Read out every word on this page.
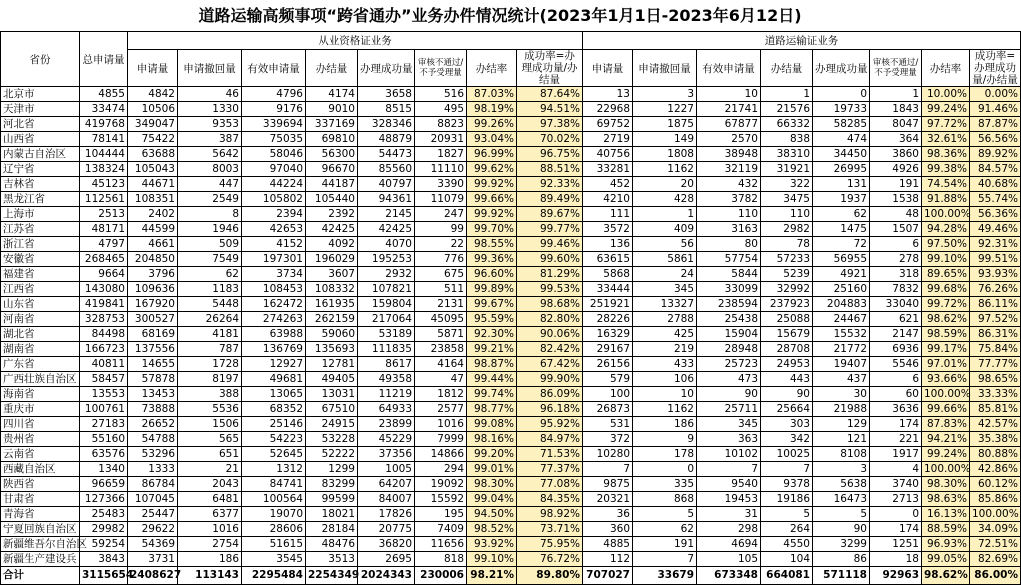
道路运输高频事项“跨省通办”业务办件情况统计(2023年1月1日-2023年6月12日)
省份	总申请量	从业资格证业务								道路运输证业务							
		申请量	申请撤回量	有效申请量	办结量	办理成功量	审核不通过/不予受理量	办结率	成功率=办理成功量/办结量	申请量	申请撤回量	有效申请量	办结量	办理成功量	审核不通过/不予受理量	办结率	成功率=办理成功量/办结量
北京市	4855	4842	46	4796	4174	3658	516	87.03%	87.64%	13	3	10	1	0	1	10.00%	0.00%
天津市	33474	10506	1330	9176	9010	8515	495	98.19%	94.51%	22968	1227	21741	21576	19733	1843	99.24%	91.46%
河北省	419768	349047	9353	339694	337169	328346	8823	99.26%	97.38%	69752	1875	67877	66332	58285	8047	97.72%	87.87%
山西省	78141	75422	387	75035	69810	48879	20931	93.04%	70.02%	2719	149	2570	838	474	364	32.61%	56.56%
内蒙古自治区	104444	63688	5642	58046	56300	54473	1827	96.99%	96.75%	40756	1808	38948	38310	34450	3860	98.36%	89.92%
辽宁省	138324	105043	8003	97040	96670	85560	11110	99.62%	88.51%	33281	1162	32119	31921	26995	4926	99.38%	84.57%
吉林省	45123	44671	447	44224	44187	40797	3390	99.92%	92.33%	452	20	432	322	131	191	74.54%	40.68%
黑龙江省	112561	108351	2549	105802	105440	94361	11079	99.66%	89.49%	4210	428	3782	3475	1937	1538	91.88%	55.74%
上海市	2513	2402	8	2394	2392	2145	247	99.92%	89.67%	111	1	110	110	62	48	100.00%	56.36%
江苏省	48171	44599	1946	42653	42425	42425	99	99.70%	99.77%	3572	409	3163	2982	1475	1507	94.28%	49.46%
浙江省	4797	4661	509	4152	4092	4070	22	98.55%	99.46%	136	56	80	78	72	6	97.50%	92.31%
安徽省	268465	204850	7549	197301	196029	195253	776	99.36%	99.60%	63615	5861	57754	57233	56955	278	99.10%	99.51%
福建省	9664	3796	62	3734	3607	2932	675	96.60%	81.29%	5868	24	5844	5239	4921	318	89.65%	93.93%
江西省	143080	109636	1183	108453	108332	107821	511	99.89%	99.53%	33444	345	33099	32992	25160	7832	99.68%	76.26%
山东省	419841	167920	5448	162472	161935	159804	2131	99.67%	98.68%	251921	13327	238594	237923	204883	33040	99.72%	86.11%
河南省	328753	300527	26264	274263	262159	217064	45095	95.59%	82.80%	28226	2788	25438	25088	24467	621	98.62%	97.52%
湖北省	84498	68169	4181	63988	59060	53189	5871	92.30%	90.06%	16329	425	15904	15679	15532	2147	98.59%	86.31%
湖南省	166723	137556	787	136769	135693	111835	23858	99.21%	82.42%	29167	219	28948	28708	21772	6936	99.17%	75.84%
广东省	40811	14655	1728	12927	12781	8617	4164	98.87%	67.42%	26156	433	25723	24953	19407	5546	97.01%	77.77%
广西壮族自治区	58457	57878	8197	49681	49405	49358	47	99.44%	99.90%	579	106	473	443	437	6	93.66%	98.65%
海南省	13553	13453	388	13065	13031	11219	1812	99.74%	86.09%	100	10	90	90	30	60	100.00%	33.33%
重庆市	100761	73888	5536	68352	67510	64933	2577	98.77%	96.18%	26873	1162	25711	25664	21988	3636	99.66%	85.81%
四川省	27183	26652	1506	25146	24915	23899	1016	99.08%	95.92%	531	186	345	303	129	174	87.83%	42.57%
贵州省	55160	54788	565	54223	53228	45229	7999	98.16%	84.97%	372	9	363	342	121	221	94.21%	35.38%
云南省	63576	53296	651	52645	52222	37356	14866	99.20%	71.53%	10280	178	10102	10025	8108	1917	99.24%	80.88%
西藏自治区	1340	1333	21	1312	1299	1005	294	99.01%	77.37%	7	0	7	7	3	4	100.00%	42.86%
陕西省	96659	86784	2043	84741	83299	64207	19092	98.30%	77.08%	9875	335	9540	9378	5638	3740	98.30%	60.12%
甘肃省	127366	107045	6481	100564	99599	84007	15592	99.04%	84.35%	20321	868	19453	19186	16473	2713	98.63%	85.86%
青海省	25483	25447	6377	19070	18021	17826	195	94.50%	98.92%	36	5	31	5	5	0	16.13%	100.00%
宁夏回族自治区	29982	29622	1016	28606	28184	20775	7409	98.52%	73.71%	360	62	298	264	90	174	88.59%	34.09%
新疆维吾尔自治区	59254	54369	2754	51615	48476	36820	11656	93.92%	75.95%	4885	191	4694	4550	3299	1251	96.93%	72.51%
新疆生产建设兵	3843	3731	186	3545	3513	2695	818	99.10%	76.72%	112	7	105	104	86	18	99.05%	82.69%
合计	3115654	2408627	113143	2295484	2254349	2024343	230006	98.21%	89.80%	707027	33679	673348	664081	571118	92963	98.62%	86.00%
